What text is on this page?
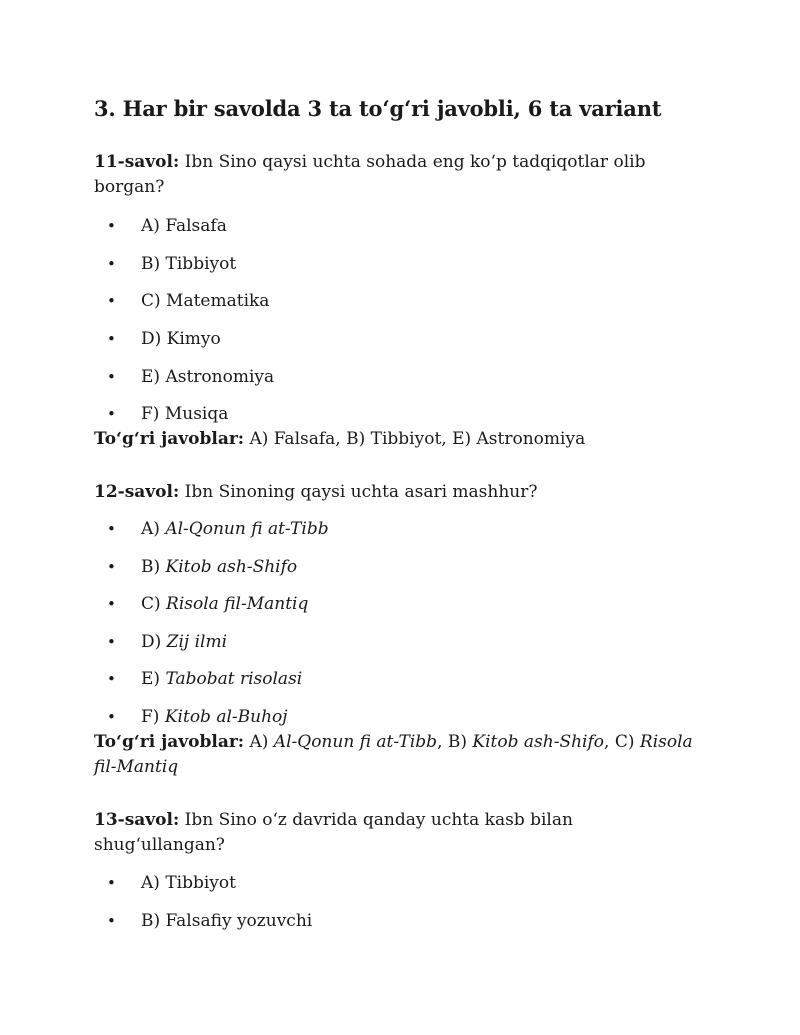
3. Har bir savolda 3 ta to‘g‘ri javobli, 6 ta variant

11-savol: Ibn Sino qaysi uchta sohada eng ko‘p tadqiqotlar olib borgan?

• A) Falsafa

• B) Tibbiyot

• C) Matematika

• D) Kimyo

• E) Astronomiya

• F) Musiqa

To‘g‘ri javoblar: A) Falsafa, B) Tibbiyot, E) Astronomiya

12-savol: Ibn Sinoning qaysi uchta asari mashhur?

• A) Al-Qonun fi at-Tibb

• B) Kitob ash-Shifo

• C) Risola fil-Mantiq

• D) Zij ilmi

• E) Tabobat risolasi

• F) Kitob al-Buhoj

To‘g‘ri javoblar: A) Al-Qonun fi at-Tibb, B) Kitob ash-Shifo, C) Risola fil-Mantiq

13-savol: Ibn Sino o‘z davrida qanday uchta kasb bilan shug‘ullangan?

• A) Tibbiyot

• B) Falsafiy yozuvchi
